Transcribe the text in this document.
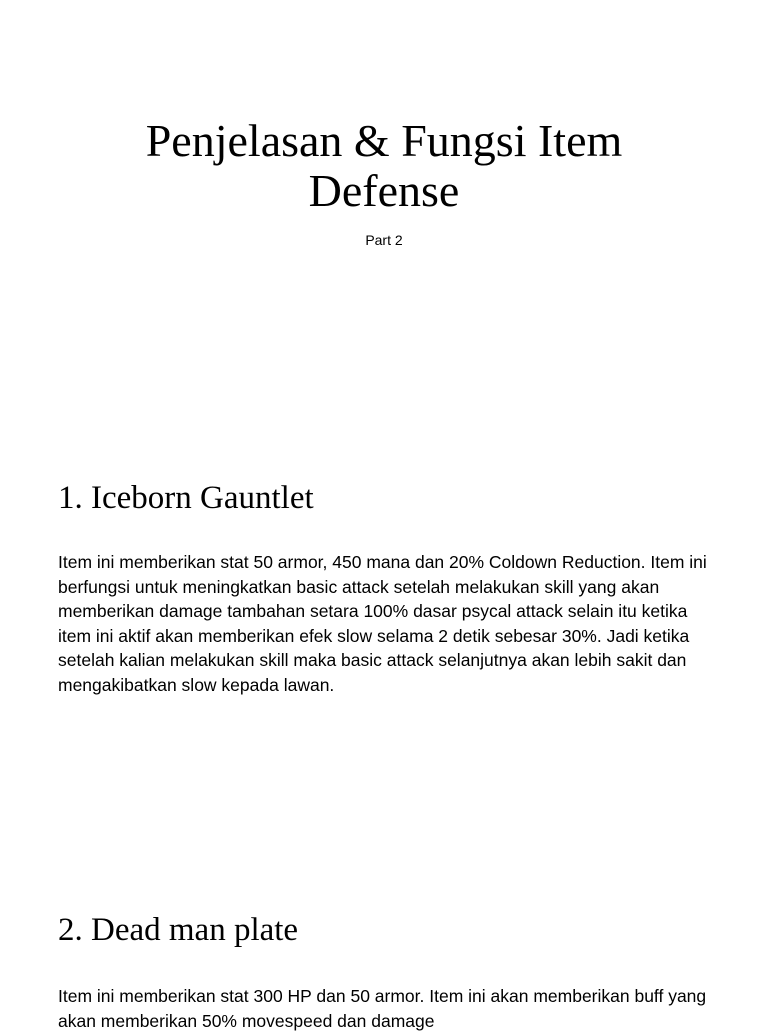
Penjelasan & Fungsi Item
Defense
Part 2
1. Iceborn Gauntlet

Item ini memberikan stat 50 armor, 450 mana dan 20% Coldown Reduction. Item ini berfungsi untuk meningkatkan basic attack setelah melakukan skill yang akan memberikan damage tambahan setara 100% dasar psycal attack selain itu ketika item ini aktif akan memberikan efek slow selama 2 detik sebesar 30%. Jadi ketika setelah kalian melakukan skill maka basic attack selanjutnya akan lebih sakit dan mengakibatkan slow kepada lawan.

2. Dead man plate

Item ini memberikan stat 300 HP dan 50 armor. Item ini akan memberikan buff yang akan memberikan 50% movespeed dan damage
